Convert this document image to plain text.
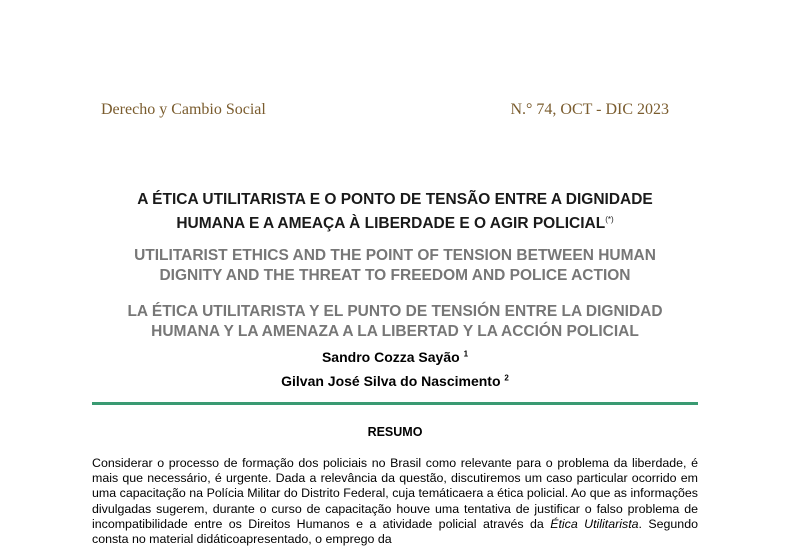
Derecho y Cambio Social	N.° 74, OCT - DIC 2023
A ÉTICA UTILITARISTA E O PONTO DE TENSÃO ENTRE A DIGNIDADE
HUMANA E A AMEAÇA À LIBERDADE E O AGIR POLICIAL(*)
UTILITARIST ETHICS AND THE POINT OF TENSION BETWEEN HUMAN
DIGNITY AND THE THREAT TO FREEDOM AND POLICE ACTION
LA ÉTICA UTILITARISTA Y EL PUNTO DE TENSIÓN ENTRE LA DIGNIDAD
HUMANA Y LA AMENAZA A LA LIBERTAD Y LA ACCIÓN POLICIAL
Sandro Cozza Sayão $^1$
Gilvan José Silva do Nascimento $^2$
RESUMO
Considerar o processo de formação dos policiais no Brasil como relevante para o problema da liberdade, é mais que necessário, é urgente. Dada a relevância da questão, discutiremos um caso particular ocorrido em uma capacitação na Polícia Militar do Distrito Federal, cuja temáticaera a ética policial. Ao que as informações divulgadas sugerem, durante o curso de capacitação houve uma tentativa de justificar o falso problema de incompatibilidade entre os Direitos Humanos e a atividade policial através da Ética Utilitarista. Segundo consta no material didáticoapresentado, o emprego da
